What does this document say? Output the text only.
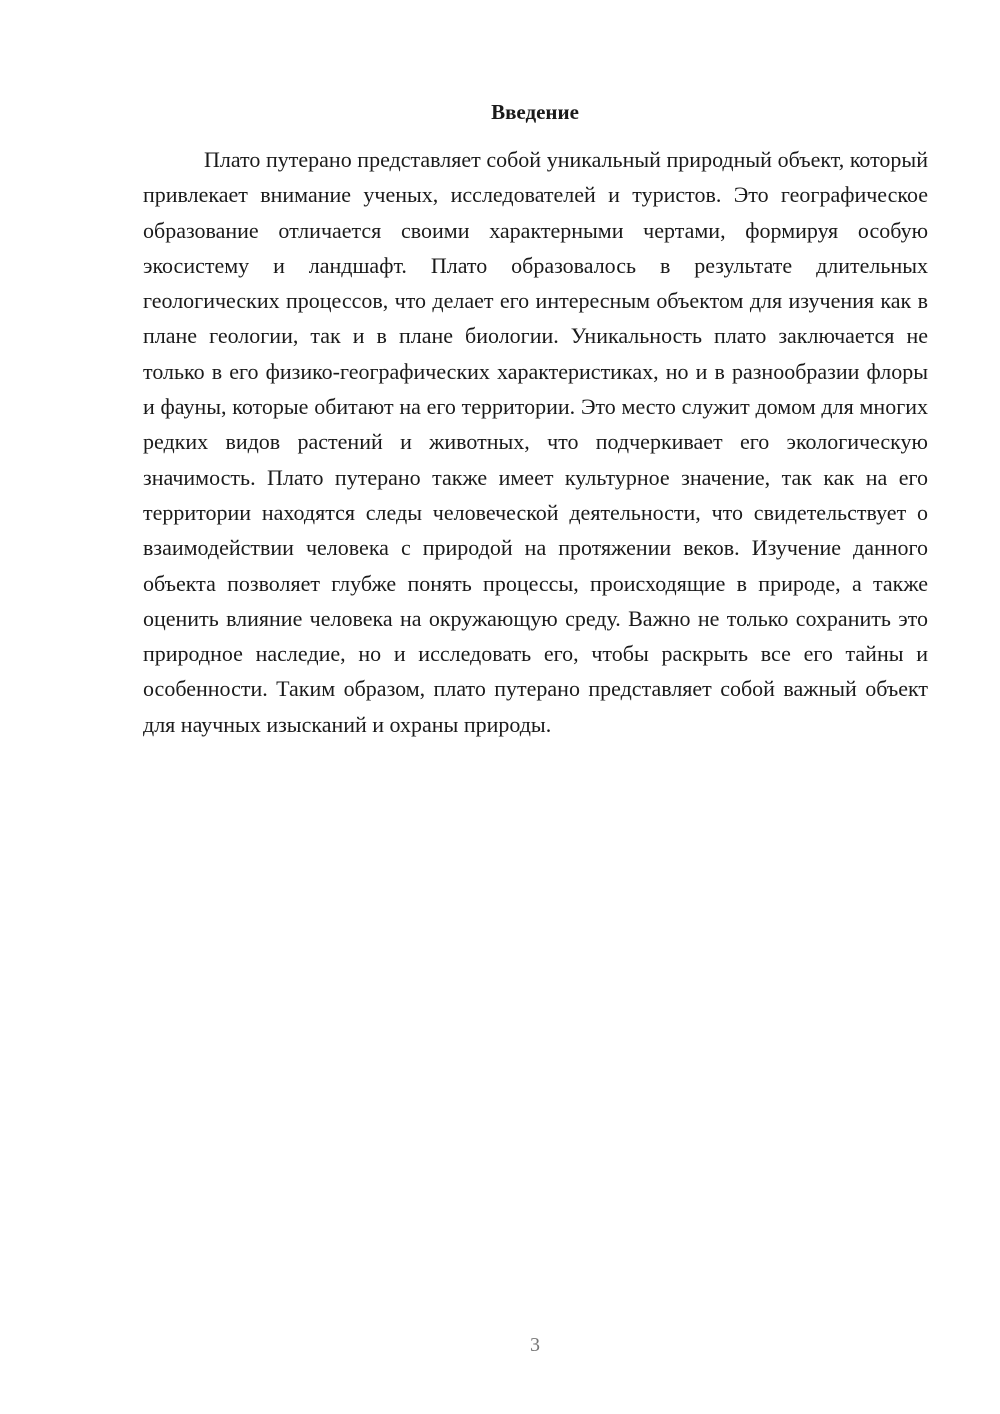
Введение

Плато путерано представляет собой уникальный природный объект, который привлекает внимание ученых, исследователей и туристов. Это географическое образование отличается своими характерными чертами, формируя особую экосистему и ландшафт. Плато образовалось в результате длительных геологических процессов, что делает его интересным объектом для изучения как в плане геологии, так и в плане биологии. Уникальность плато заключается не только в его физико-географических характеристиках, но и в разнообразии флоры и фауны, которые обитают на его территории. Это место служит домом для многих редких видов растений и животных, что подчеркивает его экологическую значимость. Плато путерано также имеет культурное значение, так как на его территории находятся следы человеческой деятельности, что свидетельствует о взаимодействии человека с природой на протяжении веков. Изучение данного объекта позволяет глубже понять процессы, происходящие в природе, а также оценить влияние человека на окружающую среду. Важно не только сохранить это природное наследие, но и исследовать его, чтобы раскрыть все его тайны и особенности. Таким образом, плато путерано представляет собой важный объект для научных изысканий и охраны природы.

3
